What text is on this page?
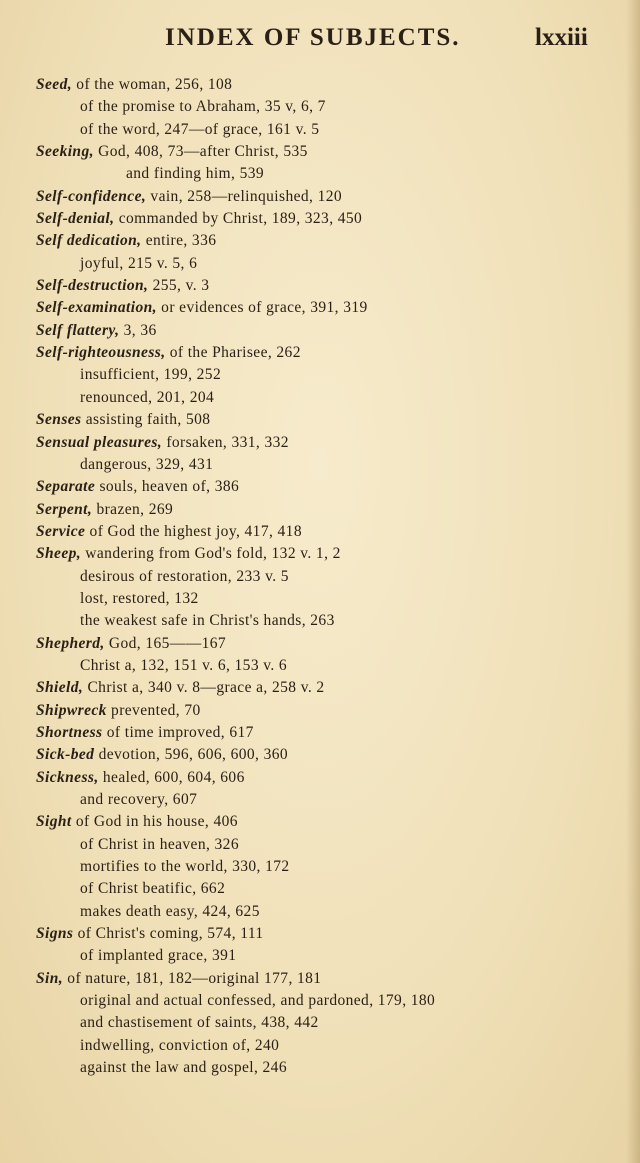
INDEX OF SUBJECTS.	lxxiii
Seed, of the woman, 256, 108
of the promise to Abraham, 35 v, 6, 7
of the word, 247—of grace, 161 v. 5
Seeking, God, 408, 73—after Christ, 535
and finding him, 539
Self-confidence, vain, 258—relinquished, 120
Self-denial, commanded by Christ, 189, 323, 450
Self dedication, entire, 336
joyful, 215 v. 5, 6
Self-destruction, 255, v. 3
Self-examination, or evidences of grace, 391, 319
Self flattery, 3, 36
Self-righteousness, of the Pharisee, 262
insufficient, 199, 252
renounced, 201, 204
Senses assisting faith, 508
Sensual pleasures, forsaken, 331, 332
dangerous, 329, 431
Separate souls, heaven of, 386
Serpent, brazen, 269
Service of God the highest joy, 417, 418
Sheep, wandering from God's fold, 132 v. 1, 2
desirous of restoration, 233 v. 5
lost, restored, 132
the weakest safe in Christ's hands, 263
Shepherd, God, 165——167
Christ a, 132, 151 v. 6, 153 v. 6
Shield, Christ a, 340 v. 8—grace a, 258 v. 2
Shipwreck prevented, 70
Shortness of time improved, 617
Sick-bed devotion, 596, 606, 600, 360
Sickness, healed, 600, 604, 606
and recovery, 607
Sight of God in his house, 406
of Christ in heaven, 326
mortifies to the world, 330, 172
of Christ beatific, 662
makes death easy, 424, 625
Signs of Christ's coming, 574, 111
of implanted grace, 391
Sin, of nature, 181, 182—original 177, 181
original and actual confessed, and pardoned, 179, 180
and chastisement of saints, 438, 442
indwelling, conviction of, 240
against the law and gospel, 246
